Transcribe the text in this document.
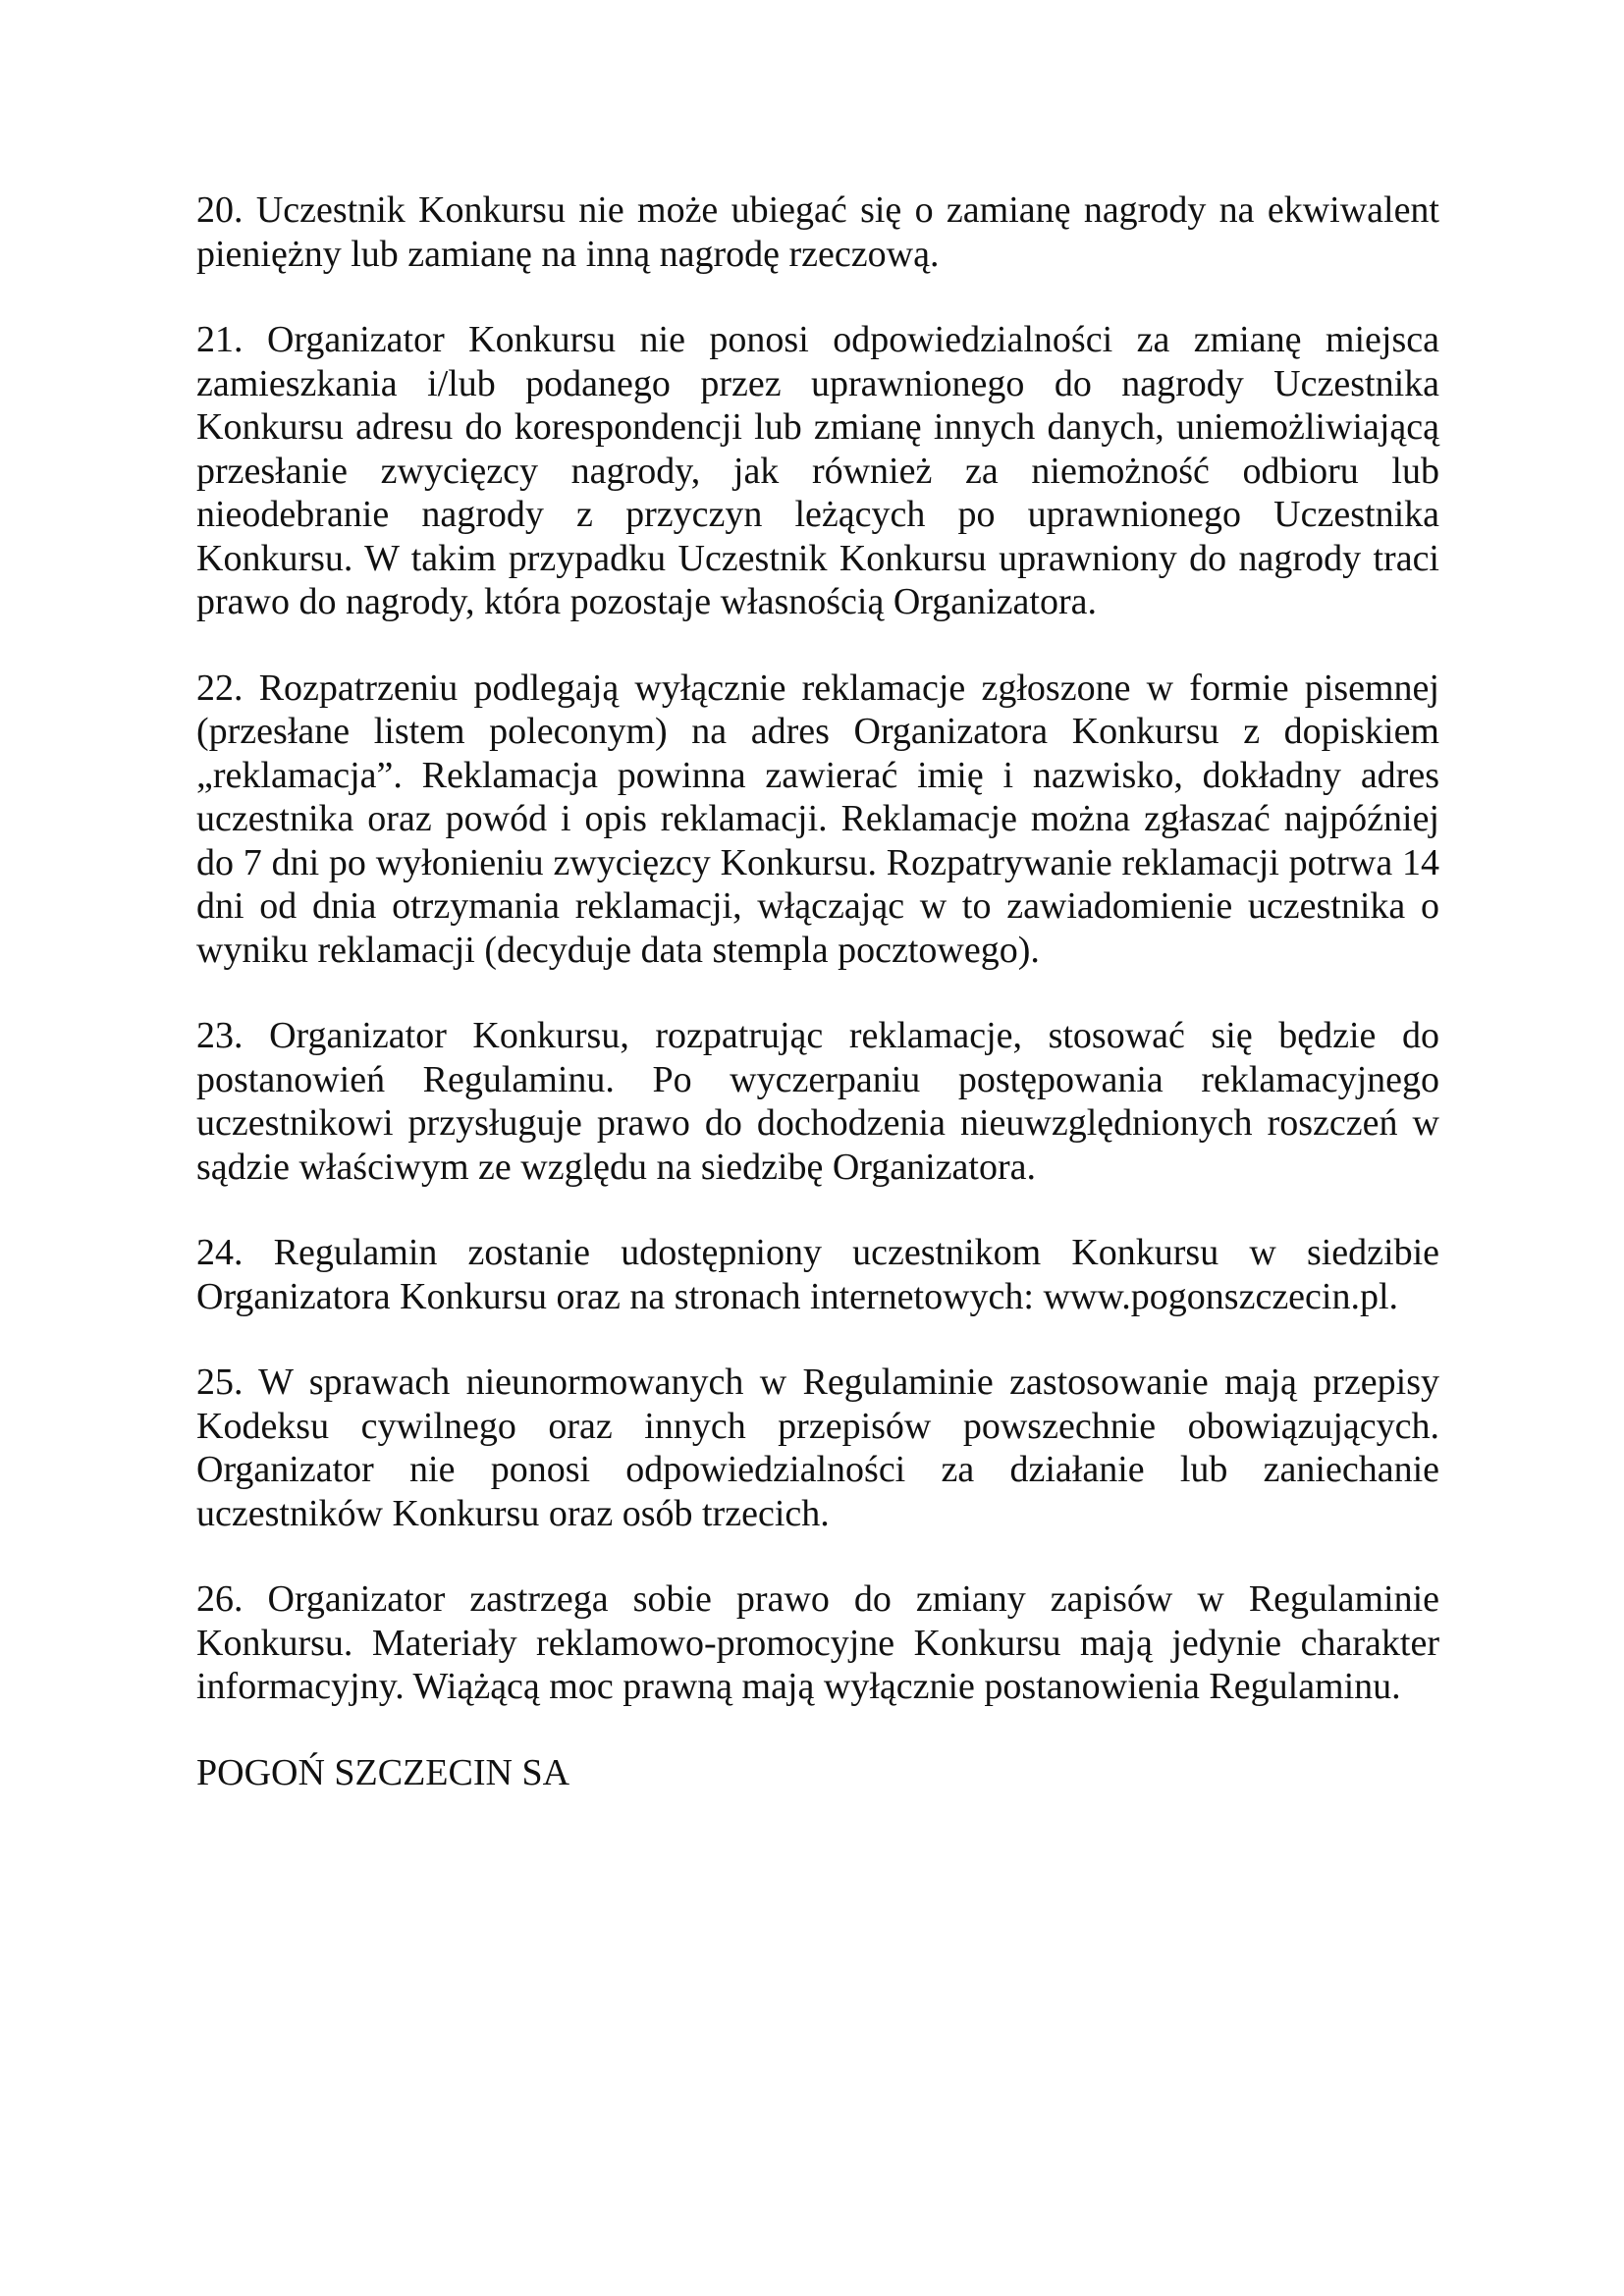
20. Uczestnik Konkursu nie może ubiegać się o zamianę nagrody na ekwiwalent pieniężny lub zamianę na inną nagrodę rzeczową.

21. Organizator Konkursu nie ponosi odpowiedzialności za zmianę miejsca zamieszkania i/lub podanego przez uprawnionego do nagrody Uczestnika Konkursu adresu do korespondencji lub zmianę innych danych, uniemożliwiającą przesłanie zwycięzcy nagrody, jak również za niemożność odbioru lub nieodebranie nagrody z przyczyn leżących po uprawnionego Uczestnika Konkursu. W takim przypadku Uczestnik Konkursu uprawniony do nagrody traci prawo do nagrody, która pozostaje własnością Organizatora.

22. Rozpatrzeniu podlegają wyłącznie reklamacje zgłoszone w formie pisemnej (przesłane listem poleconym) na adres Organizatora Konkursu z dopiskiem „reklamacja”. Reklamacja powinna zawierać imię i nazwisko, dokładny adres uczestnika oraz powód i opis reklamacji. Reklamacje można zgłaszać najpóźniej do 7 dni po wyłonieniu zwycięzcy Konkursu. Rozpatrywanie reklamacji potrwa 14 dni od dnia otrzymania reklamacji, włączając w to zawiadomienie uczestnika o wyniku reklamacji (decyduje data stempla pocztowego).

23. Organizator Konkursu, rozpatrując reklamacje, stosować się będzie do postanowień Regulaminu. Po wyczerpaniu postępowania reklamacyjnego uczestnikowi przysługuje prawo do dochodzenia nieuwzględnionych roszczeń w sądzie właściwym ze względu na siedzibę Organizatora.

24. Regulamin zostanie udostępniony uczestnikom Konkursu w siedzibie Organizatora Konkursu oraz na stronach internetowych: www.pogonszczecin.pl.

25. W sprawach nieunormowanych w Regulaminie zastosowanie mają przepisy Kodeksu cywilnego oraz innych przepisów powszechnie obowiązujących. Organizator nie ponosi odpowiedzialności za działanie lub zaniechanie uczestników Konkursu oraz osób trzecich.

26. Organizator zastrzega sobie prawo do zmiany zapisów w Regulaminie Konkursu. Materiały reklamowo-promocyjne Konkursu mają jedynie charakter informacyjny. Wiążącą moc prawną mają wyłącznie postanowienia Regulaminu.

POGOŃ SZCZECIN SA
